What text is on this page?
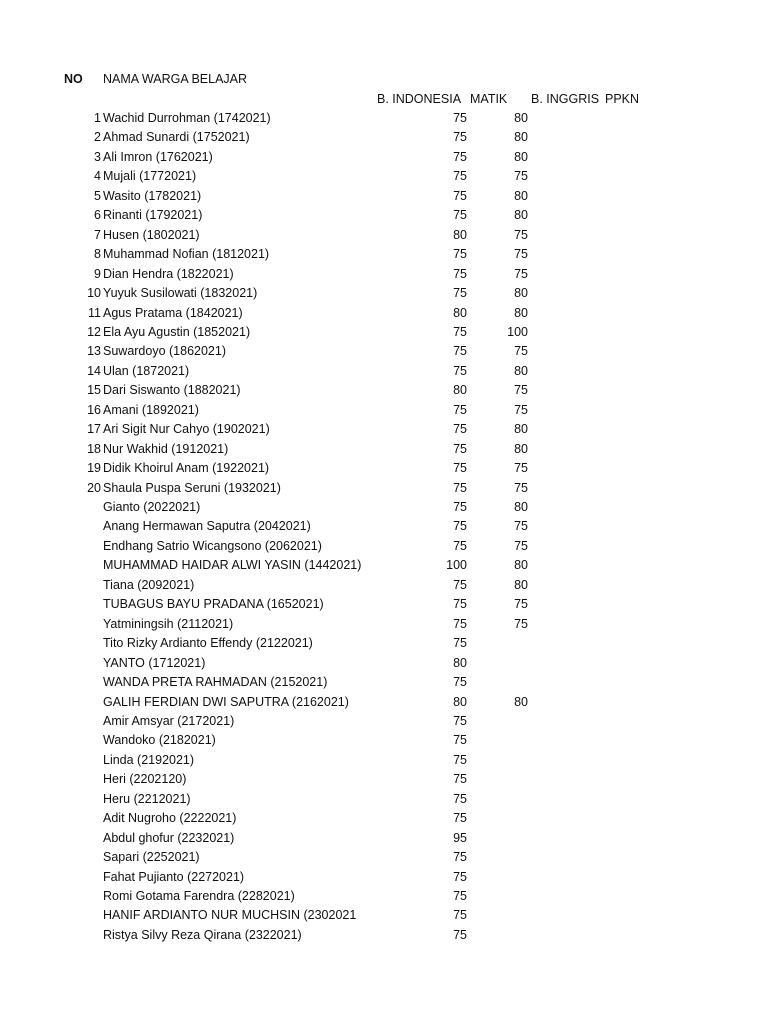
NO NAMA WARGA BELAJAR
B. INDONESIA MATIK B. INGGRIS PPKN
1 Wachid Durrohman (1742021)	75	80
2 Ahmad Sunardi (1752021)	75	80
3 Ali Imron (1762021)	75	80
4 Mujali (1772021)	75	75
5 Wasito (1782021)	75	80
6 Rinanti (1792021)	75	80
7 Husen (1802021)	80	75
8 Muhammad Nofian (1812021)	75	75
9 Dian Hendra (1822021)	75	75
10 Yuyuk Susilowati (1832021)	75	80
11 Agus Pratama (1842021)	80	80
12 Ela Ayu Agustin (1852021)	75	100
13 Suwardoyo (1862021)	75	75
14 Ulan (1872021)	75	80
15 Dari Siswanto (1882021)	80	75
16 Amani (1892021)	75	75
17 Ari Sigit Nur Cahyo (1902021)	75	80
18 Nur Wakhid (1912021)	75	80
19 Didik Khoirul Anam (1922021)	75	75
20 Shaula Puspa Seruni (1932021)	75	75
Gianto (2022021)	75	80
Anang Hermawan Saputra (2042021)	75	75
Endhang Satrio Wicangsono (2062021)	75	75
MUHAMMAD HAIDAR ALWI YASIN (1442021)	100	80
Tiana (2092021)	75	80
TUBAGUS BAYU PRADANA (1652021)	75	75
Yatminingsih (2112021)	75	75
Tito Rizky Ardianto Effendy (2122021)	75
YANTO (1712021)	80
WANDA PRETA RAHMADAN (2152021)	75
GALIH FERDIAN DWI SAPUTRA (2162021)	80	80
Amir Amsyar (2172021)	75
Wandoko (2182021)	75
Linda (2192021)	75
Heri (2202120)	75
Heru (2212021)	75
Adit Nugroho (2222021)	75
Abdul ghofur (2232021)	95
Sapari (2252021)	75
Fahat Pujianto (2272021)	75
Romi Gotama Farendra (2282021)	75
HANIF ARDIANTO NUR MUCHSIN (2302021	75
Ristya Silvy Reza Qirana (2322021)	75
